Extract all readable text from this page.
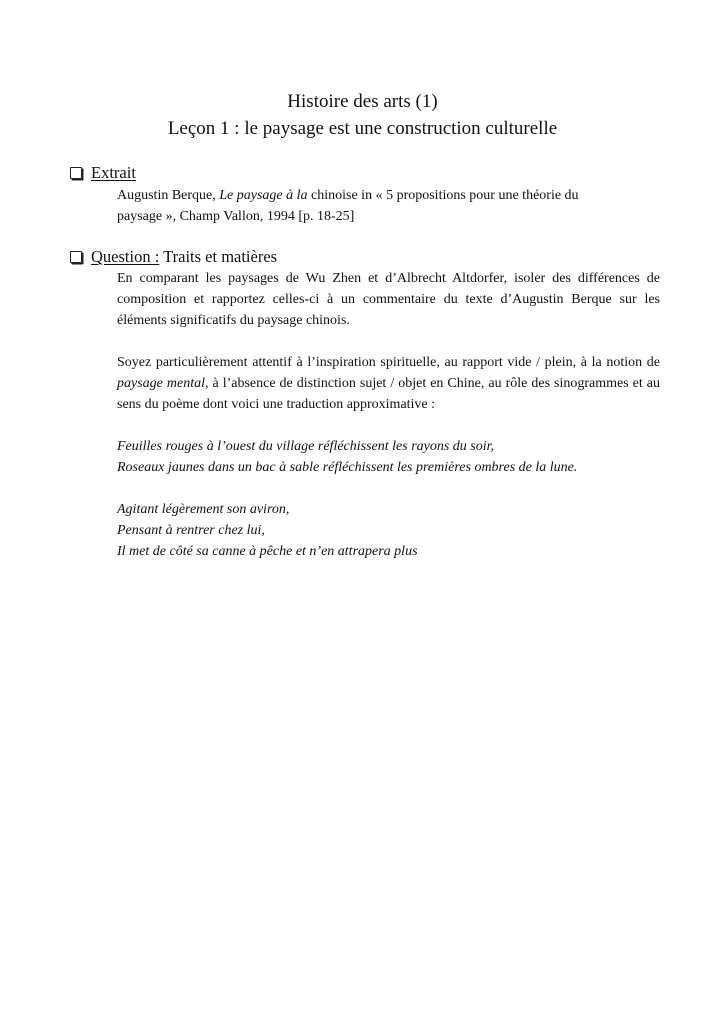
Histoire des arts (1)
Leçon 1 : le paysage est une construction culturelle
Extrait

Augustin Berque, Le paysage à la chinoise in « 5 propositions pour une théorie du

paysage », Champ Vallon, 1994 [p. 18-25]

Question : Traits et matières

En comparant les paysages de Wu Zhen et d’Albrecht Altdorfer, isoler des différences de composition et rapportez celles-ci à un commentaire du texte d’Augustin Berque sur les éléments significatifs du paysage chinois.

Soyez particulièrement attentif à l’inspiration spirituelle, au rapport vide / plein, à la notion de paysage mental, à l’absence de distinction sujet / objet en Chine, au rôle des sinogrammes et au sens du poème dont voici une traduction approximative :

Feuilles rouges à l’ouest du village réfléchissent les rayons du soir,

Roseaux jaunes dans un bac à sable réfléchissent les premières ombres de la lune.

Agitant légèrement son aviron,

Pensant à rentrer chez lui,

Il met de côté sa canne à pêche et n’en attrapera plus
